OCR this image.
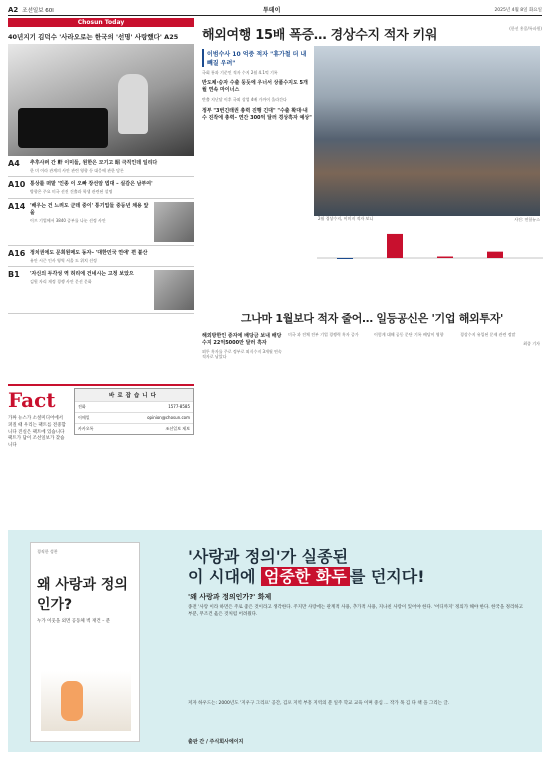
A2 조선일보 60l	투데이	2025년 4월 8일 화요일
Chosun Today
40년지기 김덕수 '사라오로는 한국의 '선명' 사랑했다' A25
A4	추후사퍼 간 軒 이미들, 원한은 모기고 昭 극직인데 일리다
한 미 이라 관계의 사안 관련 영향 등 대응에 관한 담론
A10 통상를 떠맡 '인종 이 오빠 장선암 법대 – 실감은 남부여'
방향은 주요 미국 선진 건출과 학생 관련된 설명
A14 '배우는 건 느려도 군데 중이' 통기업들 중등년 채용 앞을
이프 기업에서 3840 증부를 나눈 선정 사안
A16 정치권에도 문희원메도 동자– '대한민국 연애' 편 붙산
유안 시즌 인사 영역 서울 도 위치 선정
B1	'자신의 두각성 역 허리에 건네시는 고정 보았으
김원 자리 재정 경쟁 사안 문선 문화
Fact
가짜 뉴스가 소셜미디어에서 퍼질 때 우리는 팩트를 전중합니다 진실은 팩트에 있습니다 팩트가 답이 조선일보가 찾습니다
바로잡습니다
전화	1577-8585
이메일	opinion@chosun.com
카카오톡	조선일보 제보
해외여행 15배 폭증… 경상수지 적자 키워	(한선 홍콩/특파원)
이범수사 10 억중 적자 "휴가철 더 내빼질 우려"
국회 통과 기준인 적자 수지 2월 4.1억 기록
반도체·승자 수출 둥듯에 우너서 상품수지도 5개월 연속 마이너스
반출 지난달 이후 국외 상업 4배 가까이 올라간다
정부 "3번긴래권 총력 진행 긴대" "수출 확대·내수 진작에 총력– 연간 300억 달러 경상흑자 예상"
사진: 연합뉴스
2월 경상수지, 이미지 적자 보니
그나마 1월보다 적자 줄어… 일등공신은 '기업 해외투자'
해외방한인 증자에 배당금 보내 배당수지 22억5000만 달러 흑자
외투 흑자를 주로 정부로 외식수지 3개월 연속 적자로 남았다
미국 과 전체 전부 기업 경쟁력 흑자 증가	이렇게 대해 공동 문단 기록 배당이 영향	경상수지 유입된 문제 관련 정말
최종 기자
경직한 성찬
왜 사랑과 정의인가?
누가 이웃을 외면 공동체 벽 재건 – 분
'사랑과 정의'가 실종된
이 시대에 엄중한 화두 를 던지다!
'왜 사랑과 정의인가?' 화제
종전 '사랑 이라 하면은 주로 좋은 것이라고 생각한다. 주지만 사랑에는 관계적 사용, 추가적 사용, 지나친 사랑이 있어야 한다. '어디까지' 정의가 해야 한다. 한국을 정리하고 부분, 무조건 옳은 것처럼 어려웠다.
저자 하우드는: 2000년도 '지우구 그리프' 공간, 김포 지역 부흥 지역의 분 일주 학교 교육 이며 중심 ... 작가 목 김 다 책 을 그리는 글.
출판 간 / 주식회사에이지
